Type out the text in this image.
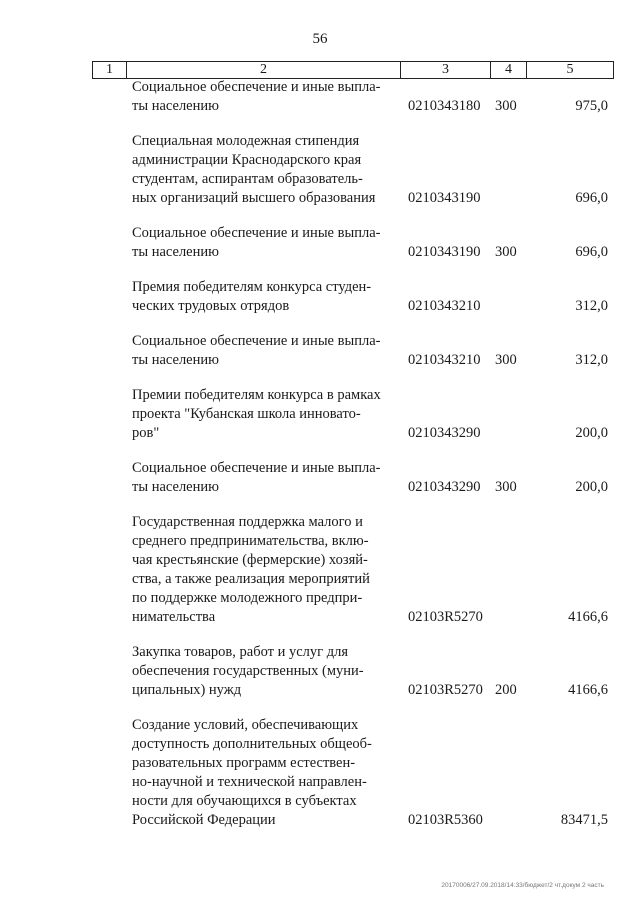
56
1	2	3	4	5
Социальное обеспечение и иные выпла-
ты населению	0210343180 300	975,0
Специальная молодежная стипендия
администрации Краснодарского края
студентам, аспирантам образователь-
ных организаций высшего образования	0210343190	696,0
Социальное обеспечение и иные выпла-
ты населению	0210343190 300	696,0
Премия победителям конкурса студен-
ческих трудовых отрядов	0210343210	312,0
Социальное обеспечение и иные выпла-
ты населению	0210343210 300	312,0
Премии победителям конкурса в рамках
проекта "Кубанская школа инновато-
ров"	0210343290	200,0
Социальное обеспечение и иные выпла-
ты населению	0210343290 300	200,0
Государственная поддержка малого и
среднего предпринимательства, вклю-
чая крестьянские (фермерские) хозяй-
ства, а также реализация мероприятий
по поддержке молодежного предпри-
нимательства	02103R5270	4166,6
Закупка товаров, работ и услуг для
обеспечения государственных (муни-
ципальных) нужд	02103R5270 200	4166,6
Создание условий, обеспечивающих
доступность дополнительных общеоб-
разовательных программ естествен-
но-научной и технической направлен-
ности для обучающихся в субъектах
Российской Федерации	02103R5360	83471,5
20170006/27.09.2018/14:33/бюджет/2 чт.докум 2 часть
